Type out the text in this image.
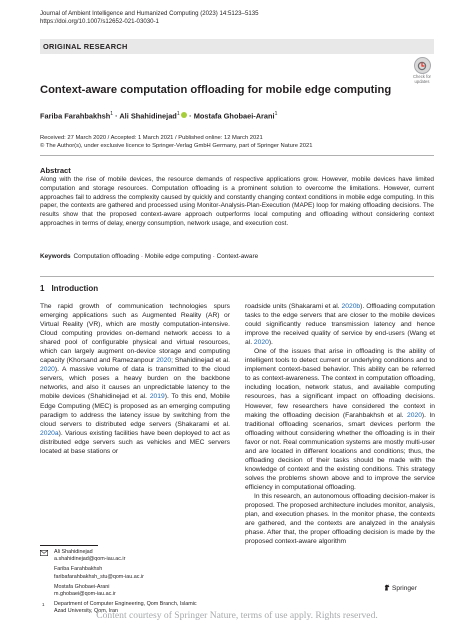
Journal of Ambient Intelligence and Humanized Computing (2023) 14:5123–5135
https://doi.org/10.1007/s12652-021-03030-1
ORIGINAL RESEARCH
Check for
updates
Context‑aware computation offloading for mobile edge computing
Fariba Farahbakhsh$^1$ · Ali Shahidinejad$^1$ · Mostafa Ghobaei‑Arani$^1$
Received: 27 March 2020 / Accepted: 1 March 2021 / Published online: 12 March 2021
© The Author(s), under exclusive licence to Springer-Verlag GmbH Germany, part of Springer Nature 2021
Abstract

Along with the rise of mobile devices, the resource demands of respective applications grow. However, mobile devices have limited computation and storage resources. Computation offloading is a prominent solution to overcome the limitations. However, current approaches fail to address the complexity caused by quickly and constantly changing context conditions in mobile edge computing. In this paper, the contexts are gathered and processed using Monitor-Analysis-Plan-Execution (MAPE) loop for making offloading decisions. The results show that the proposed context-aware approach outperforms local computing and offloading without considering context approaches in terms of delay, energy consumption, network usage, and execution cost.

Keywords Computation offloading · Mobile edge computing · Context-aware
1 Introduction

The rapid growth of communication technologies spurs emerging applications such as Augmented Reality (AR) or Virtual Reality (VR), which are mostly computation-intensive. Cloud computing provides on-demand network access to a shared pool of configurable physical and virtual resources, which can largely augment on-device storage and computing capacity (Khorsand and Ramezanpour 2020; Shahidinejad et al. 2020). A massive volume of data is transmitted to the cloud servers, which poses a heavy burden on the backbone networks, and also it causes an unpredictable latency to the mobile devices (Shahidinejad et al. 2019). To this end, Mobile Edge Computing (MEC) is proposed as an emerging computing paradigm to address the latency issue by switching from the cloud servers to distributed edge servers (Shakarami et al. 2020a). Various existing facilities have been deployed to act as distributed edge servers such as vehicles and MEC servers located at base stations or

roadside units (Shakarami et al. 2020b). Offloading computation tasks to the edge servers that are closer to the mobile devices could significantly reduce transmission latency and hence improve the received quality of service by end-users (Wang et al. 2020).

One of the issues that arise in offloading is the ability of intelligent tools to detect current or underlying conditions and to implement context-based behavior. This ability can be referred to as context-awareness. The context in computation offloading, including location, network status, and available computing resources, has a significant impact on offloading decisions. However, few researchers have considered the context in making the offloading decision (Farahbakhsh et al. 2020). In traditional offloading scenarios, smart devices perform the offloading without considering whether the offloading is in their favor or not. Real communication systems are mostly multi-user and are located in different locations and conditions; thus, the offloading decision of their tasks should be made with the knowledge of context and the existing conditions. This strategy solves the problems shown above and to improve the service efficiency in computational offloading.

In this research, an autonomous offloading decision-maker is proposed. The proposed architecture includes monitor, analysis, plan, and execution phases. In the monitor phase, the contexts are gathered, and the contexts are analyzed in the analysis phase. After that, the proper offloading decision is made by the proposed context-aware algorithm

Ali Shahidinejad
a.shahidinejad@qom-iau.ac.ir
Fariba Farahbakhsh
faribafarahbakhsh_stu@qom-iau.ac.ir
Mostafa Ghobaei-Arani
m.ghobaei@qom-iau.ac.ir
1 Department of Computer Engineering, Qom Branch, Islamic
Azad University, Qom, Iran
Springer
Content courtesy of Springer Nature, terms of use apply. Rights reserved.
